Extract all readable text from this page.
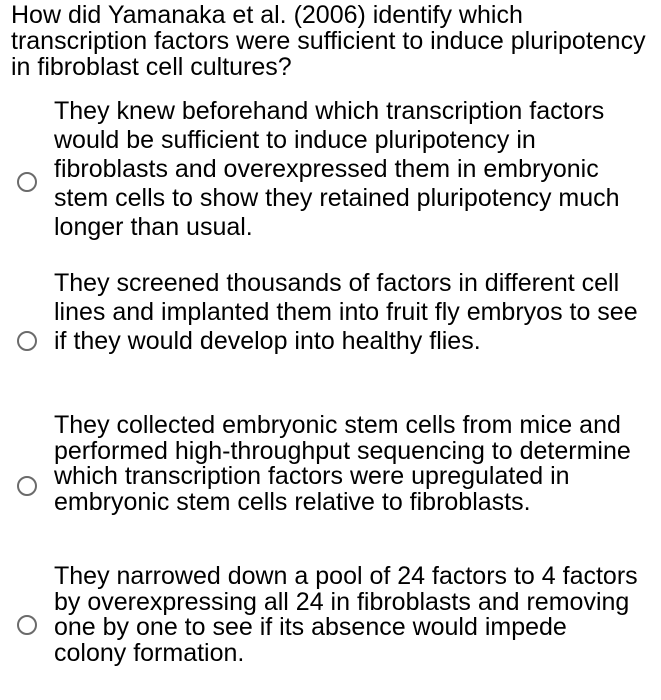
How did Yamanaka et al. (2006) identify which transcription factors were sufficient to induce pluripotency in fibroblast cell cultures?

They knew beforehand which transcription factors would be sufficient to induce pluripotency in fibroblasts and overexpressed them in embryonic stem cells to show they retained pluripotency much longer than usual.

They screened thousands of factors in different cell lines and implanted them into fruit fly embryos to see if they would develop into healthy flies.

They collected embryonic stem cells from mice and performed high-throughput sequencing to determine which transcription factors were upregulated in embryonic stem cells relative to fibroblasts.

They narrowed down a pool of 24 factors to 4 factors by overexpressing all 24 in fibroblasts and removing one by one to see if its absence would impede colony formation.
